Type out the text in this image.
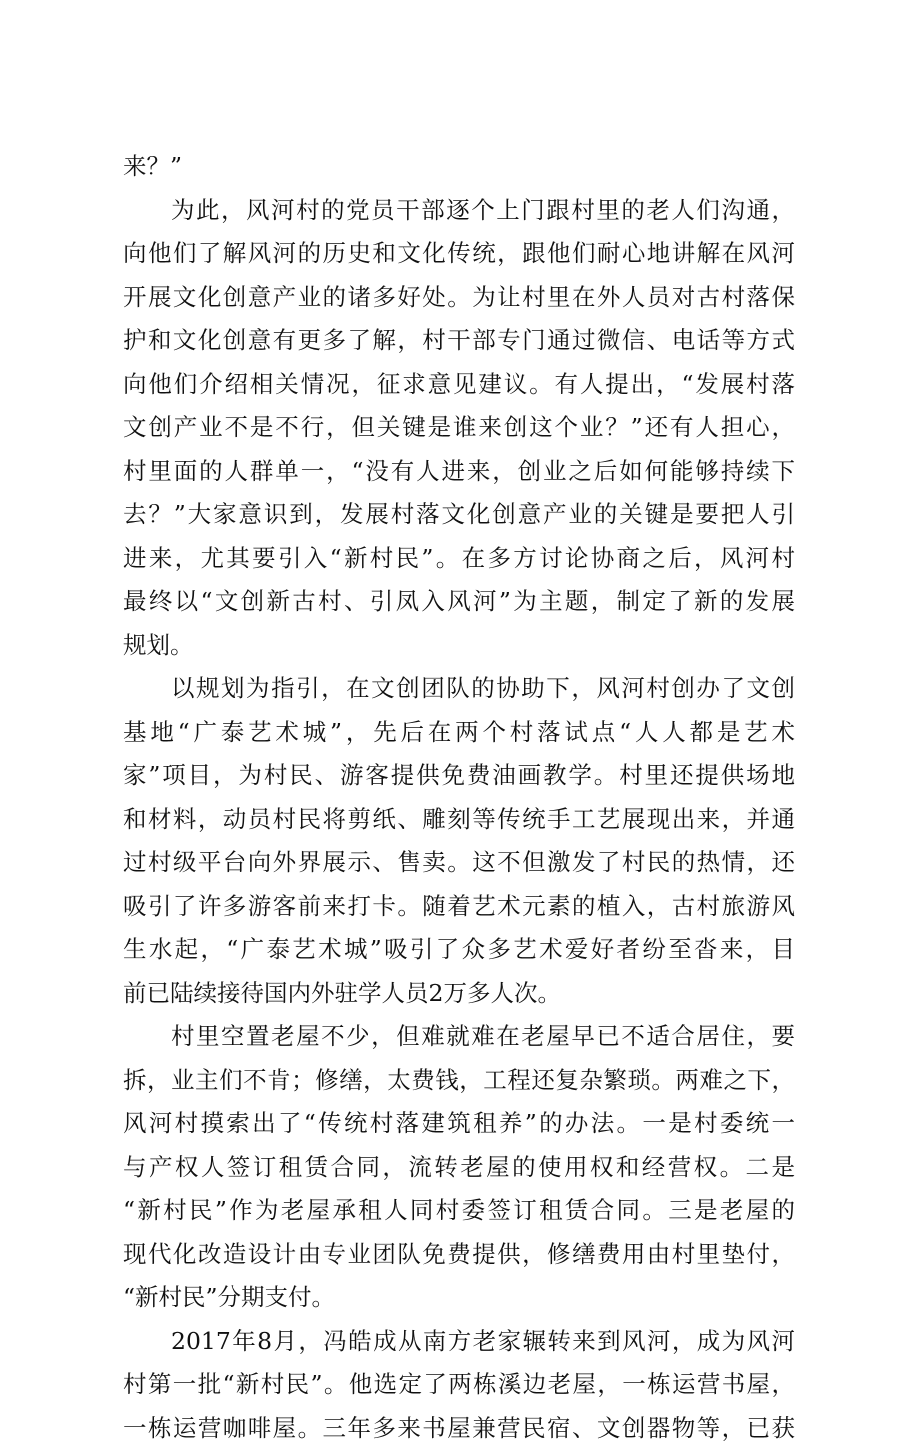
来？”
为此，风河村的党员干部逐个上门跟村里的老人们沟通，
向他们了解风河的历史和文化传统，跟他们耐心地讲解在风河
开展文化创意产业的诸多好处。为让村里在外人员对古村落保
护和文化创意有更多了解，村干部专门通过微信、电话等方式
向他们介绍相关情况，征求意见建议。有人提出，“发展村落
文创产业不是不行，但关键是谁来创这个业？”还有人担心，
村里面的人群单一，“没有人进来，创业之后如何能够持续下
去？”大家意识到，发展村落文化创意产业的关键是要把人引
进来，尤其要引入“新村民”。在多方讨论协商之后，风河村
最终以“文创新古村、引凤入风河”为主题，制定了新的发展
规划。
以规划为指引，在文创团队的协助下，风河村创办了文创
基地“广泰艺术城”，先后在两个村落试点“人人都是艺术
家”项目，为村民、游客提供免费油画教学。村里还提供场地
和材料，动员村民将剪纸、雕刻等传统手工艺展现出来，并通
过村级平台向外界展示、售卖。这不但激发了村民的热情，还
吸引了许多游客前来打卡。随着艺术元素的植入，古村旅游风
生水起，“广泰艺术城”吸引了众多艺术爱好者纷至沓来，目
前已陆续接待国内外驻学人员2万多人次。
村里空置老屋不少，但难就难在老屋早已不适合居住，要
拆，业主们不肯；修缮，太费钱，工程还复杂繁琐。两难之下，
风河村摸索出了“传统村落建筑租养”的办法。一是村委统一
与产权人签订租赁合同，流转老屋的使用权和经营权。二是
“新村民”作为老屋承租人同村委签订租赁合同。三是老屋的
现代化改造设计由专业团队免费提供，修缮费用由村里垫付，
“新村民”分期支付。
2017年8月，冯皓成从南方老家辗转来到风河，成为风河
村第一批“新村民”。他选定了两栋溪边老屋，一栋运营书屋，
一栋运营咖啡屋。三年多来书屋兼营民宿、文创器物等，已获
